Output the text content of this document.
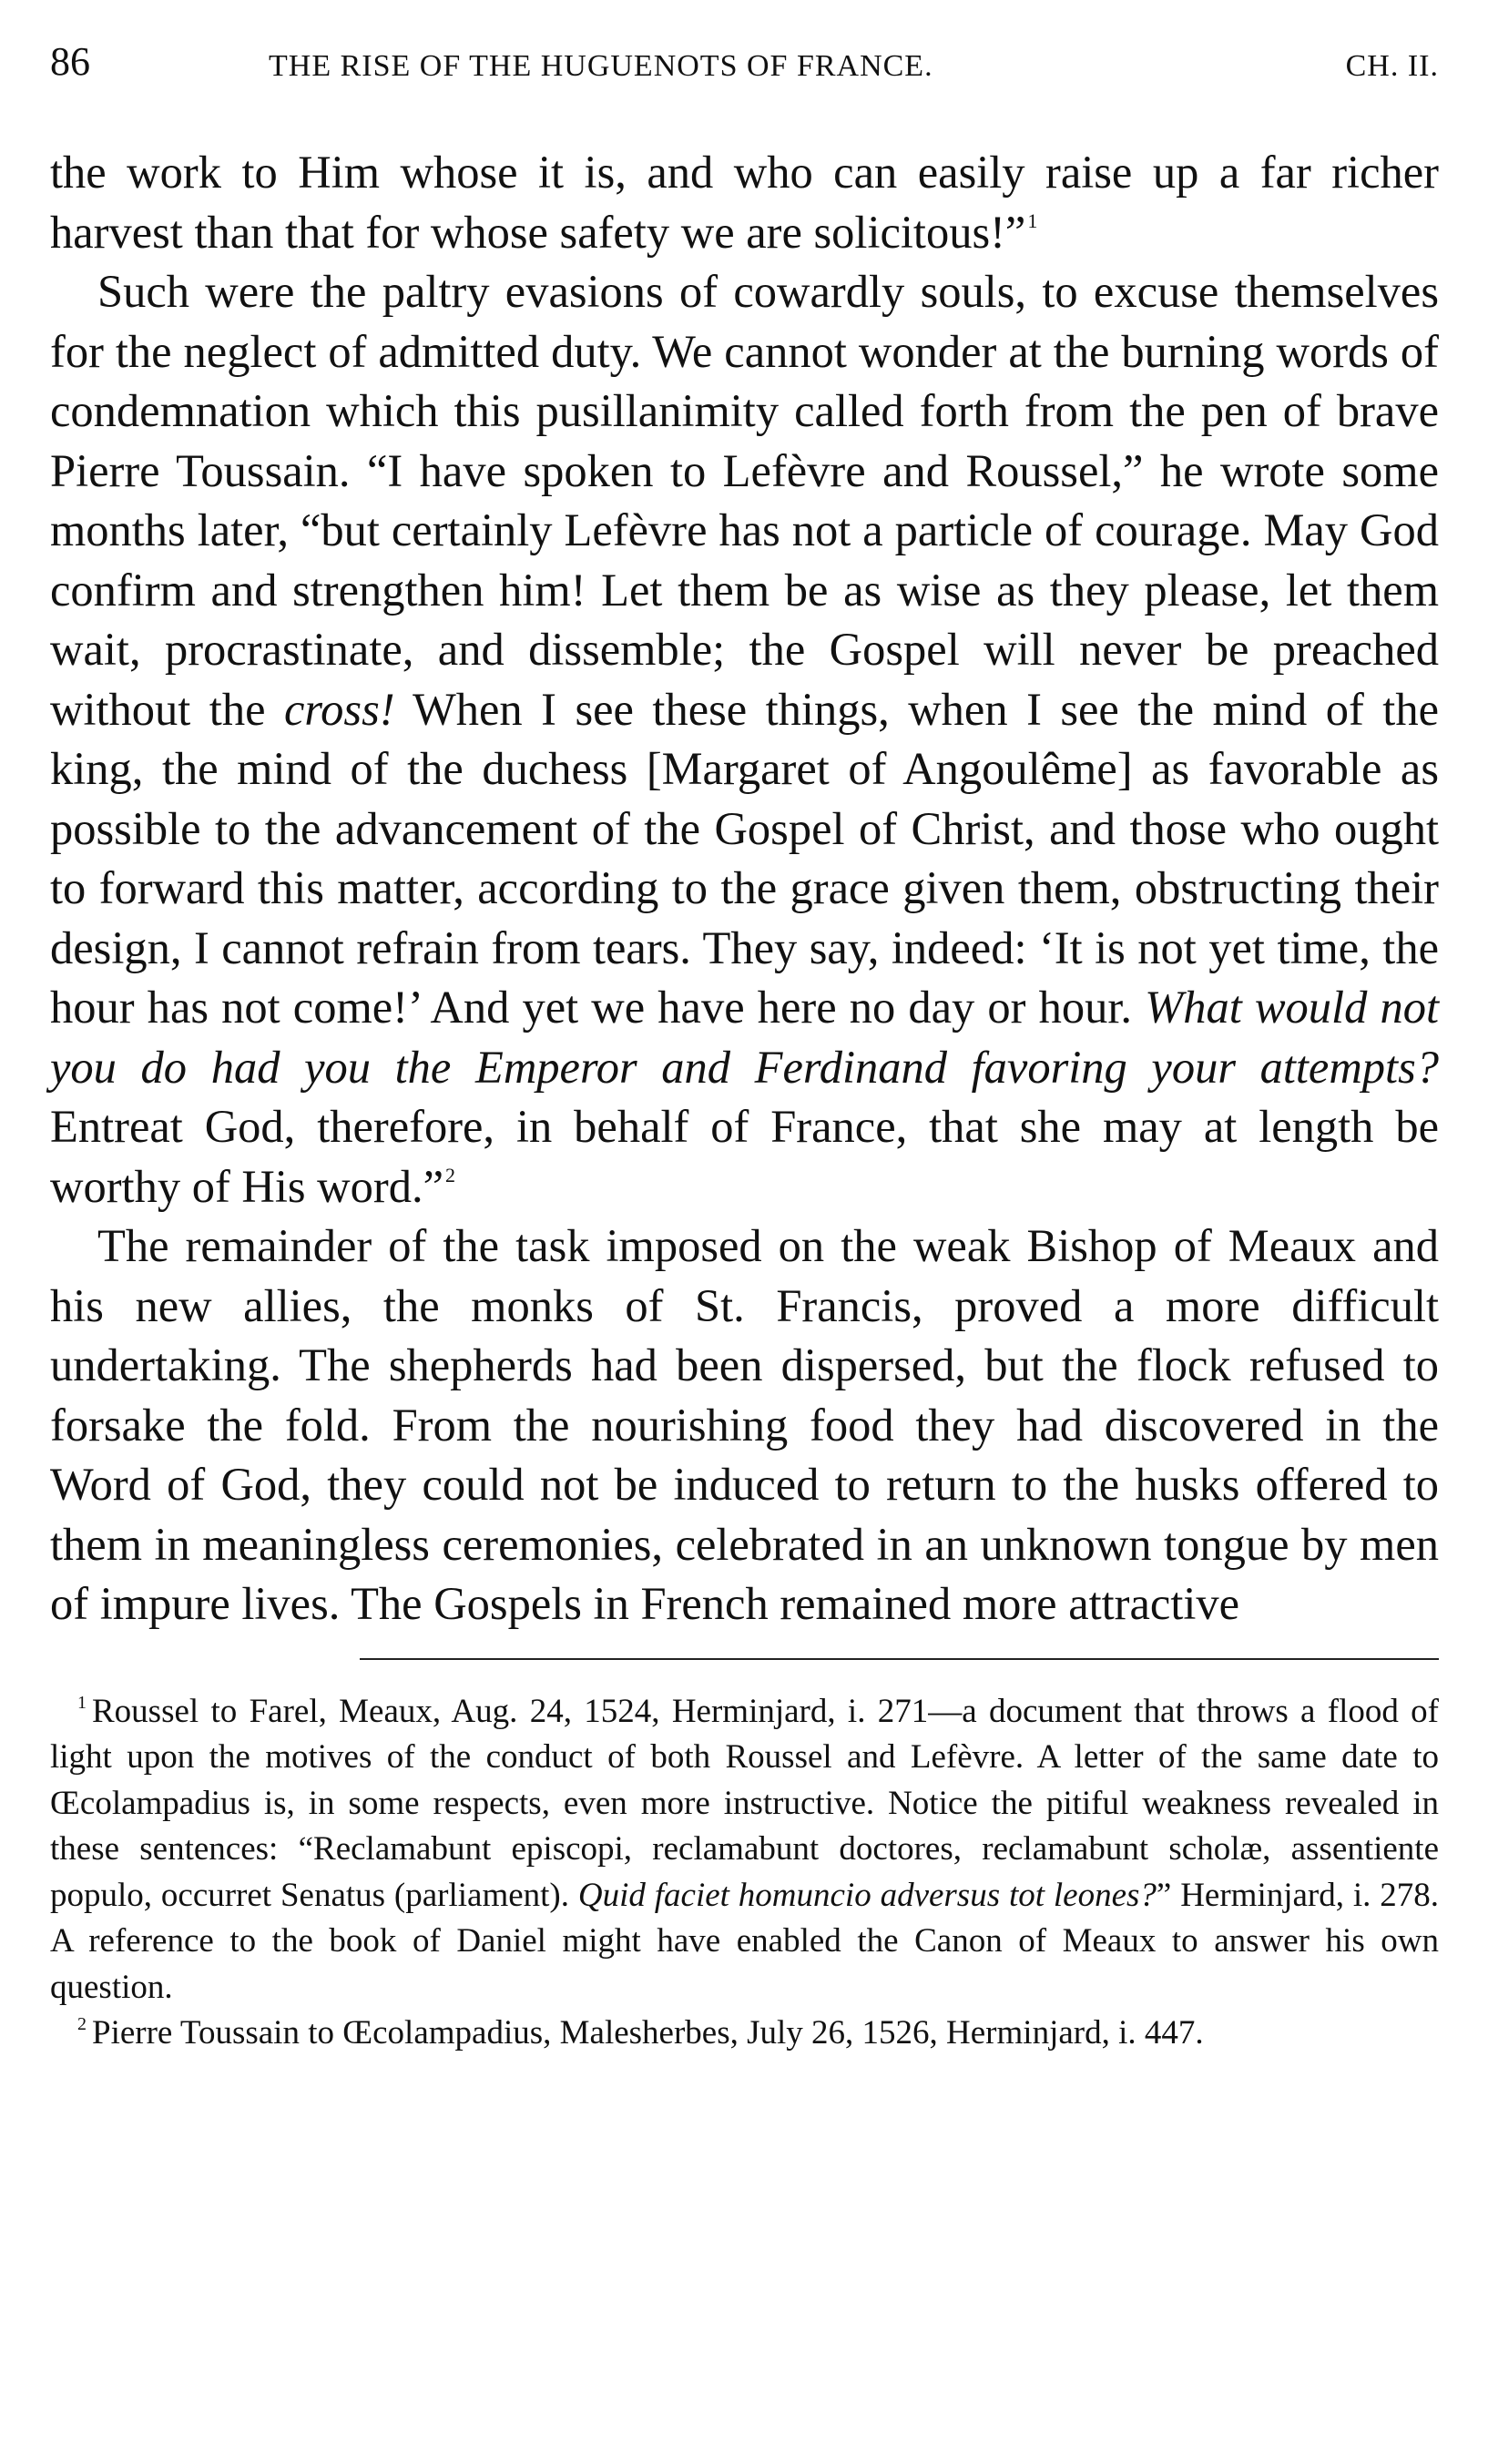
86	THE RISE OF THE HUGUENOTS OF FRANCE.	CH. II.

the work to Him whose it is, and who can easily raise up a far richer harvest than that for whose safety we are solicitous!”$^1$

Such were the paltry evasions of cowardly souls, to excuse themselves for the neglect of admitted duty. We cannot wonder at the burning words of condemnation which this pusillanimity called forth from the pen of brave Pierre Toussain. “I have spoken to Lefèvre and Roussel,” he wrote some months later, “but certainly Lefèvre has not a particle of courage. May God confirm and strengthen him! Let them be as wise as they please, let them wait, procrastinate, and dissemble; the Gospel will never be preached without the cross! When I see these things, when I see the mind of the king, the mind of the duchess [Margaret of Angoulême] as favorable as possible to the advancement of the Gospel of Christ, and those who ought to forward this matter, according to the grace given them, obstructing their design, I cannot refrain from tears. They say, indeed: ‘It is not yet time, the hour has not come!’ And yet we have here no day or hour. What would not you do had you the Emperor and Ferdinand favoring your attempts? Entreat God, therefore, in behalf of France, that she may at length be worthy of His word.”$^2$

The remainder of the task imposed on the weak Bishop of Meaux and his new allies, the monks of St. Francis, proved a more difficult undertaking. The shepherds had been dispersed, but the flock refused to forsake the fold. From the nourishing food they had discovered in the Word of God, they could not be induced to return to the husks offered to them in meaningless ceremonies, celebrated in an unknown tongue by men of impure lives. The Gospels in French remained more attractive

$^1$ Roussel to Farel, Meaux, Aug. 24, 1524, Herminjard, i. 271—a document that throws a flood of light upon the motives of the conduct of both Roussel and Lefèvre. A letter of the same date to Œcolampadius is, in some respects, even more instructive. Notice the pitiful weakness revealed in these sentences: “Reclamabunt episcopi, reclamabunt doctores, reclamabunt scholæ, assentiente populo, occurret Senatus (parliament). Quid faciet homuncio adversus tot leones?” Herminjard, i. 278. A reference to the book of Daniel might have enabled the Canon of Meaux to answer his own question.

$^2$ Pierre Toussain to Œcolampadius, Malesherbes, July 26, 1526, Herminjard, i. 447.
